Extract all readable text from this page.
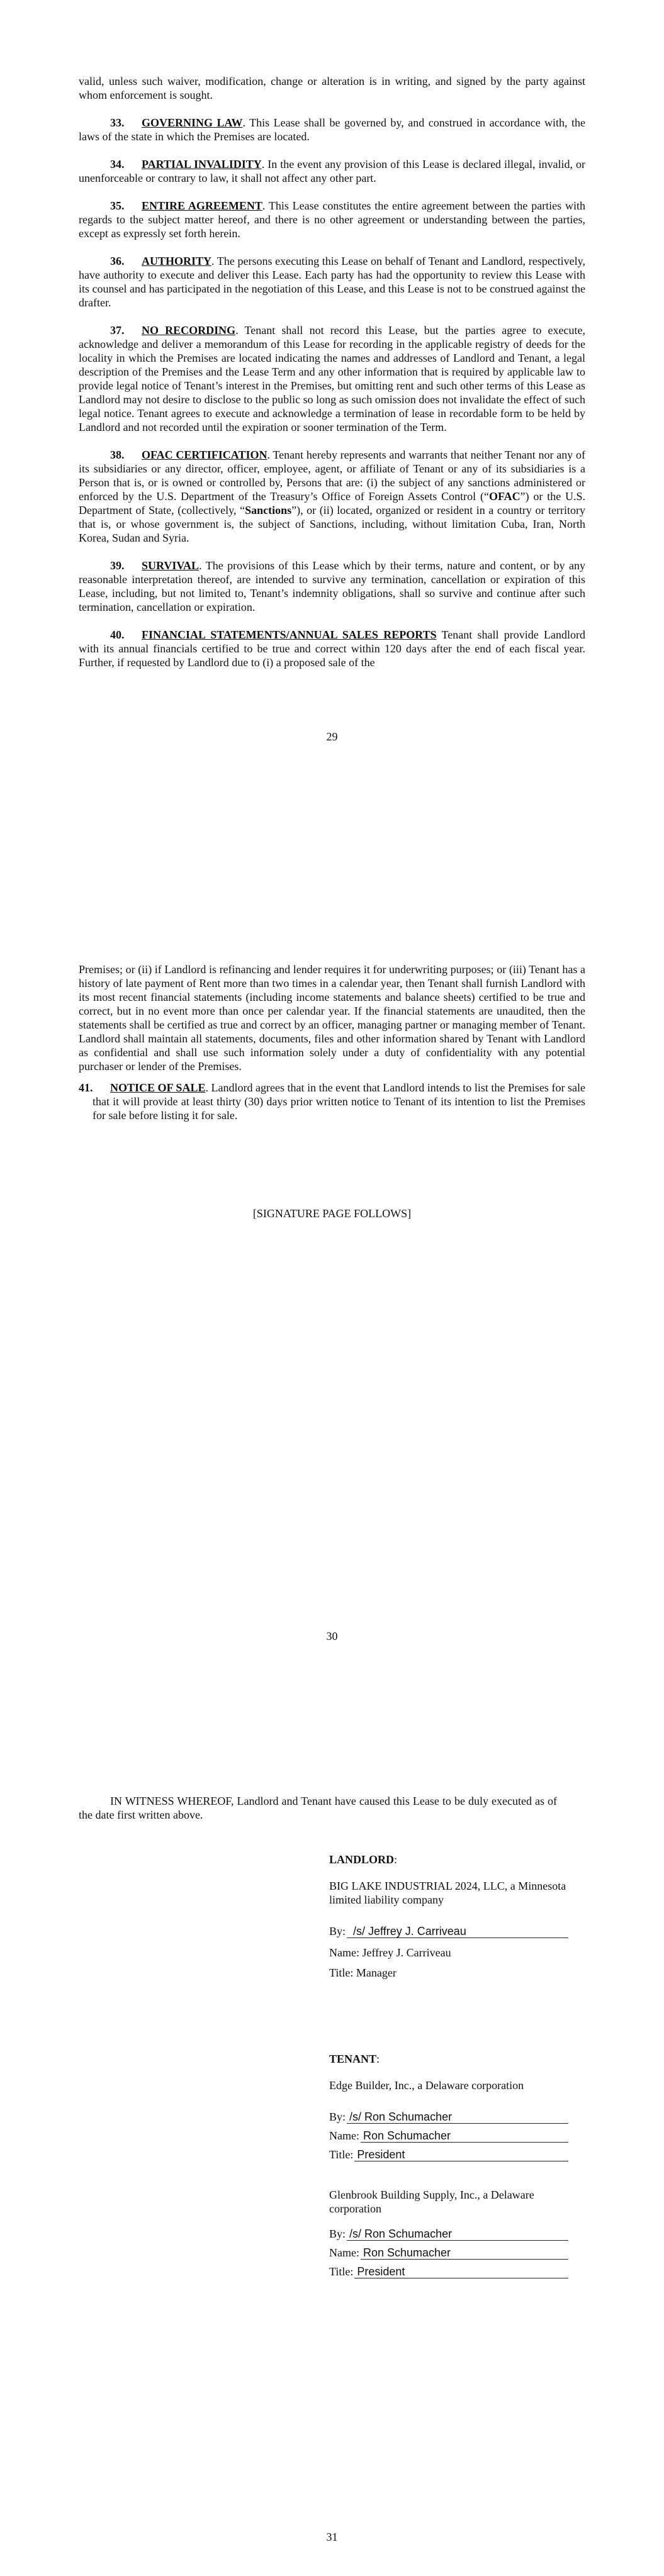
valid, unless such waiver, modification, change or alteration is in writing, and signed by the party against whom enforcement is sought.

33. GOVERNING LAW. This Lease shall be governed by, and construed in accordance with, the laws of the state in which the Premises are located.

34. PARTIAL INVALIDITY. In the event any provision of this Lease is declared illegal, invalid, or unenforceable or contrary to law, it shall not affect any other part.

35. ENTIRE AGREEMENT. This Lease constitutes the entire agreement between the parties with regards to the subject matter hereof, and there is no other agreement or understanding between the parties, except as expressly set forth herein.

36. AUTHORITY. The persons executing this Lease on behalf of Tenant and Landlord, respectively, have authority to execute and deliver this Lease. Each party has had the opportunity to review this Lease with its counsel and has participated in the negotiation of this Lease, and this Lease is not to be construed against the drafter.

37. NO RECORDING. Tenant shall not record this Lease, but the parties agree to execute, acknowledge and deliver a memorandum of this Lease for recording in the applicable registry of deeds for the locality in which the Premises are located indicating the names and addresses of Landlord and Tenant, a legal description of the Premises and the Lease Term and any other information that is required by applicable law to provide legal notice of Tenant’s interest in the Premises, but omitting rent and such other terms of this Lease as Landlord may not desire to disclose to the public so long as such omission does not invalidate the effect of such legal notice. Tenant agrees to execute and acknowledge a termination of lease in recordable form to be held by Landlord and not recorded until the expiration or sooner termination of the Term.

38. OFAC CERTIFICATION. Tenant hereby represents and warrants that neither Tenant nor any of its subsidiaries or any director, officer, employee, agent, or affiliate of Tenant or any of its subsidiaries is a Person that is, or is owned or controlled by, Persons that are: (i) the subject of any sanctions administered or enforced by the U.S. Department of the Treasury’s Office of Foreign Assets Control (“OFAC”) or the U.S. Department of State, (collectively, “Sanctions”), or (ii) located, organized or resident in a country or territory that is, or whose government is, the subject of Sanctions, including, without limitation Cuba, Iran, North Korea, Sudan and Syria.

39. SURVIVAL. The provisions of this Lease which by their terms, nature and content, or by any reasonable interpretation thereof, are intended to survive any termination, cancellation or expiration of this Lease, including, but not limited to, Tenant’s indemnity obligations, shall so survive and continue after such termination, cancellation or expiration.

40. FINANCIAL STATEMENTS/ANNUAL SALES REPORTS Tenant shall provide Landlord with its annual financials certified to be true and correct within 120 days after the end of each fiscal year. Further, if requested by Landlord due to (i) a proposed sale of the

29

Premises; or (ii) if Landlord is refinancing and lender requires it for underwriting purposes; or (iii) Tenant has a history of late payment of Rent more than two times in a calendar year, then Tenant shall furnish Landlord with its most recent financial statements (including income statements and balance sheets) certified to be true and correct, but in no event more than once per calendar year. If the financial statements are unaudited, then the statements shall be certified as true and correct by an officer, managing partner or managing member of Tenant. Landlord shall maintain all statements, documents, files and other information shared by Tenant with Landlord as confidential and shall use such information solely under a duty of confidentiality with any potential purchaser or lender of the Premises.

41. NOTICE OF SALE. Landlord agrees that in the event that Landlord intends to list the Premises for sale that it will provide at least thirty (30) days prior written notice to Tenant of its intention to list the Premises for sale before listing it for sale.

[SIGNATURE PAGE FOLLOWS]
30

IN WITNESS WHEREOF, Landlord and Tenant have caused this Lease to be duly executed as of the date first written above.

LANDLORD:
BIG LAKE INDUSTRIAL 2024, LLC, a Minnesota limited liability company
By: /s/ Jeffrey J. Carriveau
Name: Jeffrey J. Carriveau
Title: Manager
TENANT:
Edge Builder, Inc., a Delaware corporation
By: /s/ Ron Schumacher
Name: Ron Schumacher
Title: President
Glenbrook Building Supply, Inc., a Delaware corporation
By: /s/ Ron Schumacher
Name: Ron Schumacher
Title: President
31
